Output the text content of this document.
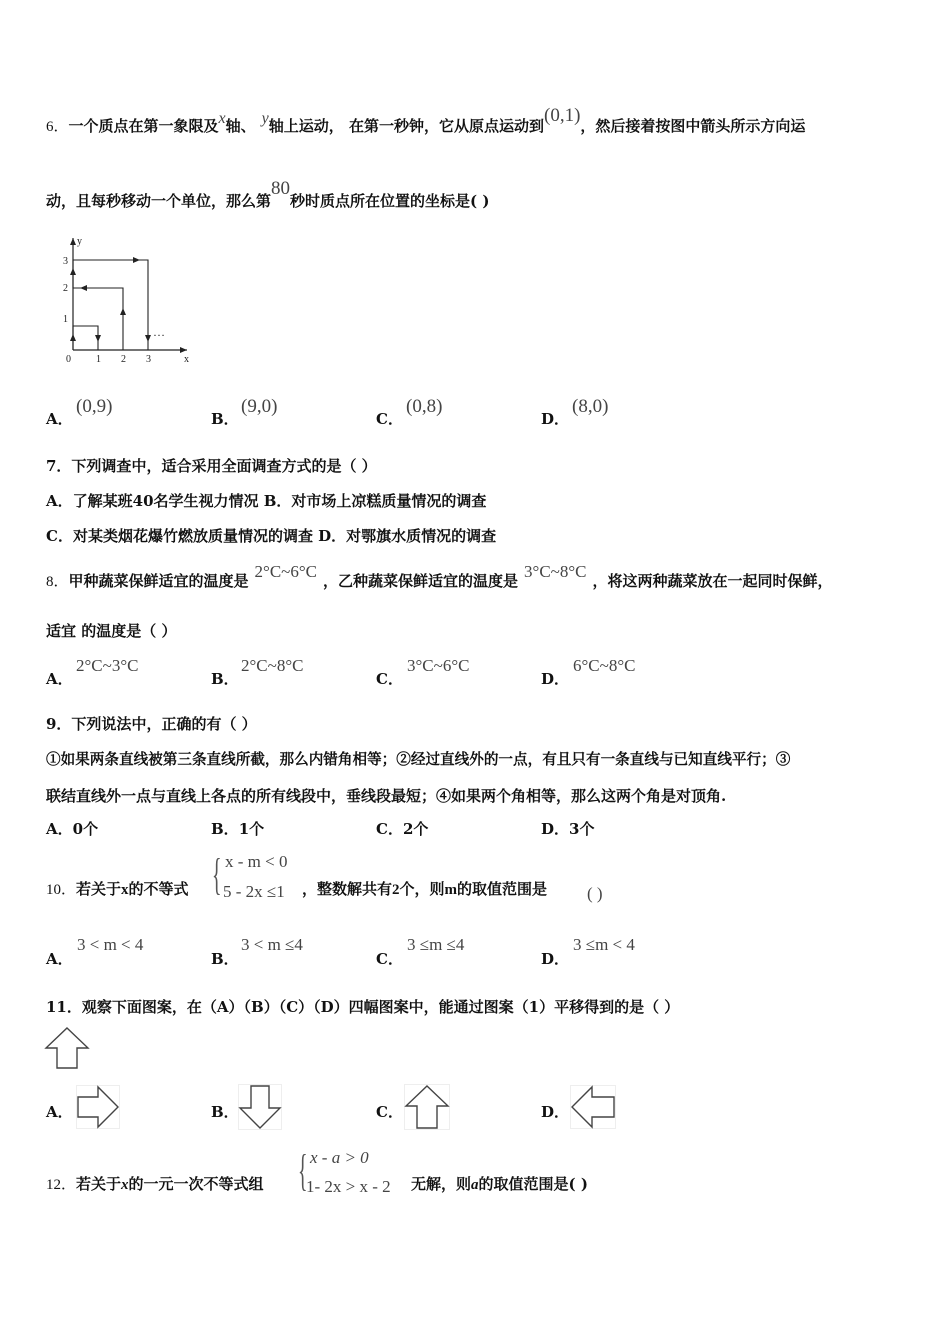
6．一个质点在第一象限及x轴、 y轴上运动， 在第一秒钟，它从原点运动到(0,1)，然后接着按图中箭头所示方向运
动，且每秒移动一个单位，那么第80秒时质点所在位置的坐标是( )
y
x
0	1 2 3
1
2
3
…
A．
(0,9)
B．
(9,0)
C．
(0,8)
D．
(8,0)
7．下列调查中，适合采用全面调查方式的是（ ）
A．了解某班40名学生视力情况 B．对市场上凉糕质量情况的调查
C．对某类烟花爆竹燃放质量情况的调查 D．对鄂旗水质情况的调查
8．甲种蔬菜保鲜适宜的温度是 2°C~6°C ，乙种蔬菜保鲜适宜的温度是 3°C~8°C ，将这两种蔬菜放在一起同时保鲜，
适宜 的温度是（ ）
A．
2°C~3°C
B．
2°C~8°C
C．
3°C~6°C
D．
6°C~8°C
9．下列说法中，正确的有（ ）
①如果两条直线被第三条直线所截，那么内错角相等；②经过直线外的一点，有且只有一条直线与已知直线平行；③
联结直线外一点与直线上各点的所有线段中，垂线段最短；④如果两个角相等，那么这两个角是对顶角.
A．0个	B．1个	C．2个	D．3个
10．若关于x的不等式 { x - m < 0
5 - 2x ≤1 ，整数解共有2个，则m的取值范围是 ( )
A．
3 < m < 4
B．
3 < m ≤4
C．
3 ≤m ≤4
D．
3 ≤m < 4
11．观察下面图案，在（A）（B）（C）（D）四幅图案中，能通过图案（1）平移得到的是（ ）
A．	B．	C．	D．
12．若关于x的一元一次不等式组 { x - a > 0
1- 2x > x - 2 无解，则a的取值范围是( )
